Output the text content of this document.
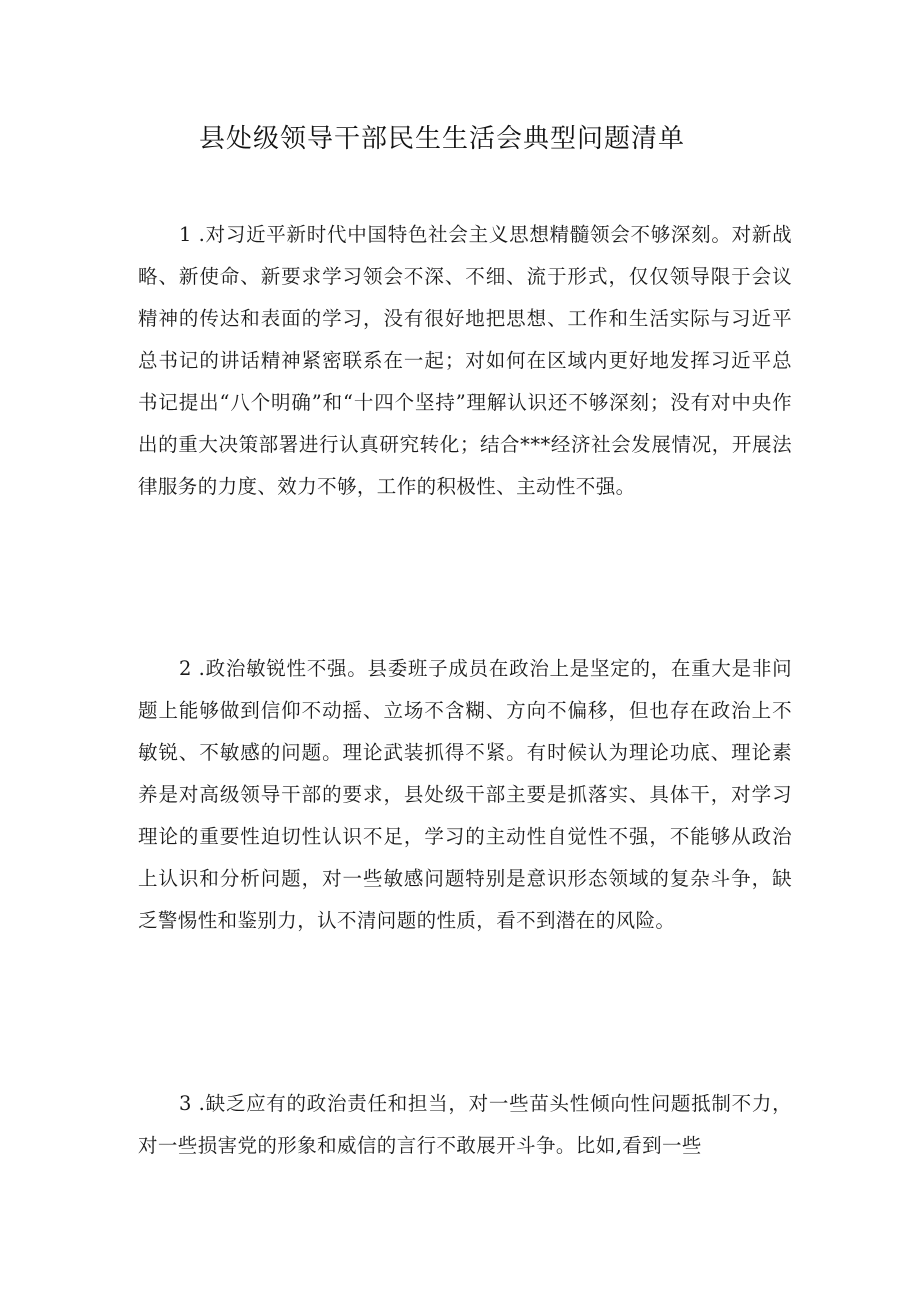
县处级领导干部民生生活会典型问题清单

1 .对习近平新时代中国特色社会主义思想精髓领会不够深刻。对新战略、新使命、新要求学习领会不深、不细、流于形式，仅仅领导限于会议精神的传达和表面的学习，没有很好地把思想、工作和生活实际与习近平总书记的讲话精神紧密联系在一起；对如何在区域内更好地发挥习近平总书记提出“八个明确”和“十四个坚持”理解认识还不够深刻；没有对中央作出的重大决策部署进行认真研究转化；结合***经济社会发展情况，开展法律服务的力度、效力不够，工作的积极性、主动性不强。

2 .政治敏锐性不强。县委班子成员在政治上是坚定的，在重大是非问题上能够做到信仰不动摇、立场不含糊、方向不偏移，但也存在政治上不敏锐、不敏感的问题。理论武装抓得不紧。有时候认为理论功底、理论素养是对高级领导干部的要求，县处级干部主要是抓落实、具体干，对学习理论的重要性迫切性认识不足，学习的主动性自觉性不强，不能够从政治上认识和分析问题，对一些敏感问题特别是意识形态领域的复杂斗争，缺乏警惕性和鉴别力，认不清问题的性质，看不到潜在的风险。

3 .缺乏应有的政治责任和担当，对一些苗头性倾向性问题抵制不力，对一些损害党的形象和威信的言行不敢展开斗争。比如,看到一些
